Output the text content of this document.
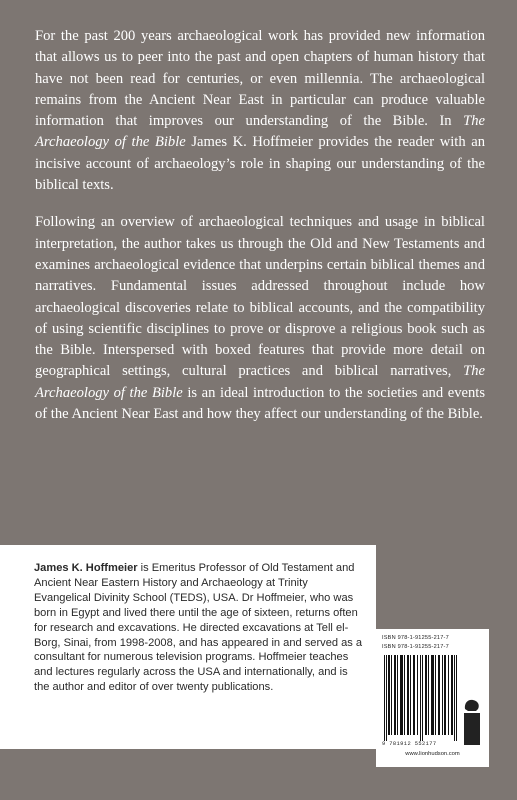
For the past 200 years archaeological work has provided new information that allows us to peer into the past and open chapters of human history that have not been read for centuries, or even millennia. The archaeological remains from the Ancient Near East in particular can produce valuable information that improves our understanding of the Bible. In The Archaeology of the Bible James K. Hoffmeier provides the reader with an incisive account of archaeology’s role in shaping our understanding of the biblical texts.

Following an overview of archaeological techniques and usage in biblical interpretation, the author takes us through the Old and New Testaments and examines archaeological evidence that underpins certain biblical themes and narratives. Fundamental issues addressed throughout include how archaeological discoveries relate to biblical accounts, and the compatibility of using scientific disciplines to prove or disprove a religious book such as the Bible. Interspersed with boxed features that provide more detail on geographical settings, cultural practices and biblical narratives, The Archaeology of the Bible is an ideal introduction to the societies and events of the Ancient Near East and how they affect our understanding of the Bible.

James K. Hoffmeier is Emeritus Professor of Old Testament and Ancient Near Eastern History and Archaeology at Trinity Evangelical Divinity School (TEDS), USA. Dr Hoffmeier, who was born in Egypt and lived there until the age of sixteen, returns often for research and excavations. He directed excavations at Tell el-Borg, Sinai, from 1998-2008, and has appeared in and served as a consultant for numerous television programs. Hoffmeier teaches and lectures regularly across the USA and internationally, and is the author and editor of over twenty publications.
ISBN 978-1-91255-217-7
ISBN 978-1-91255-217-7
9 781912 552177
www.lionhudson.com
